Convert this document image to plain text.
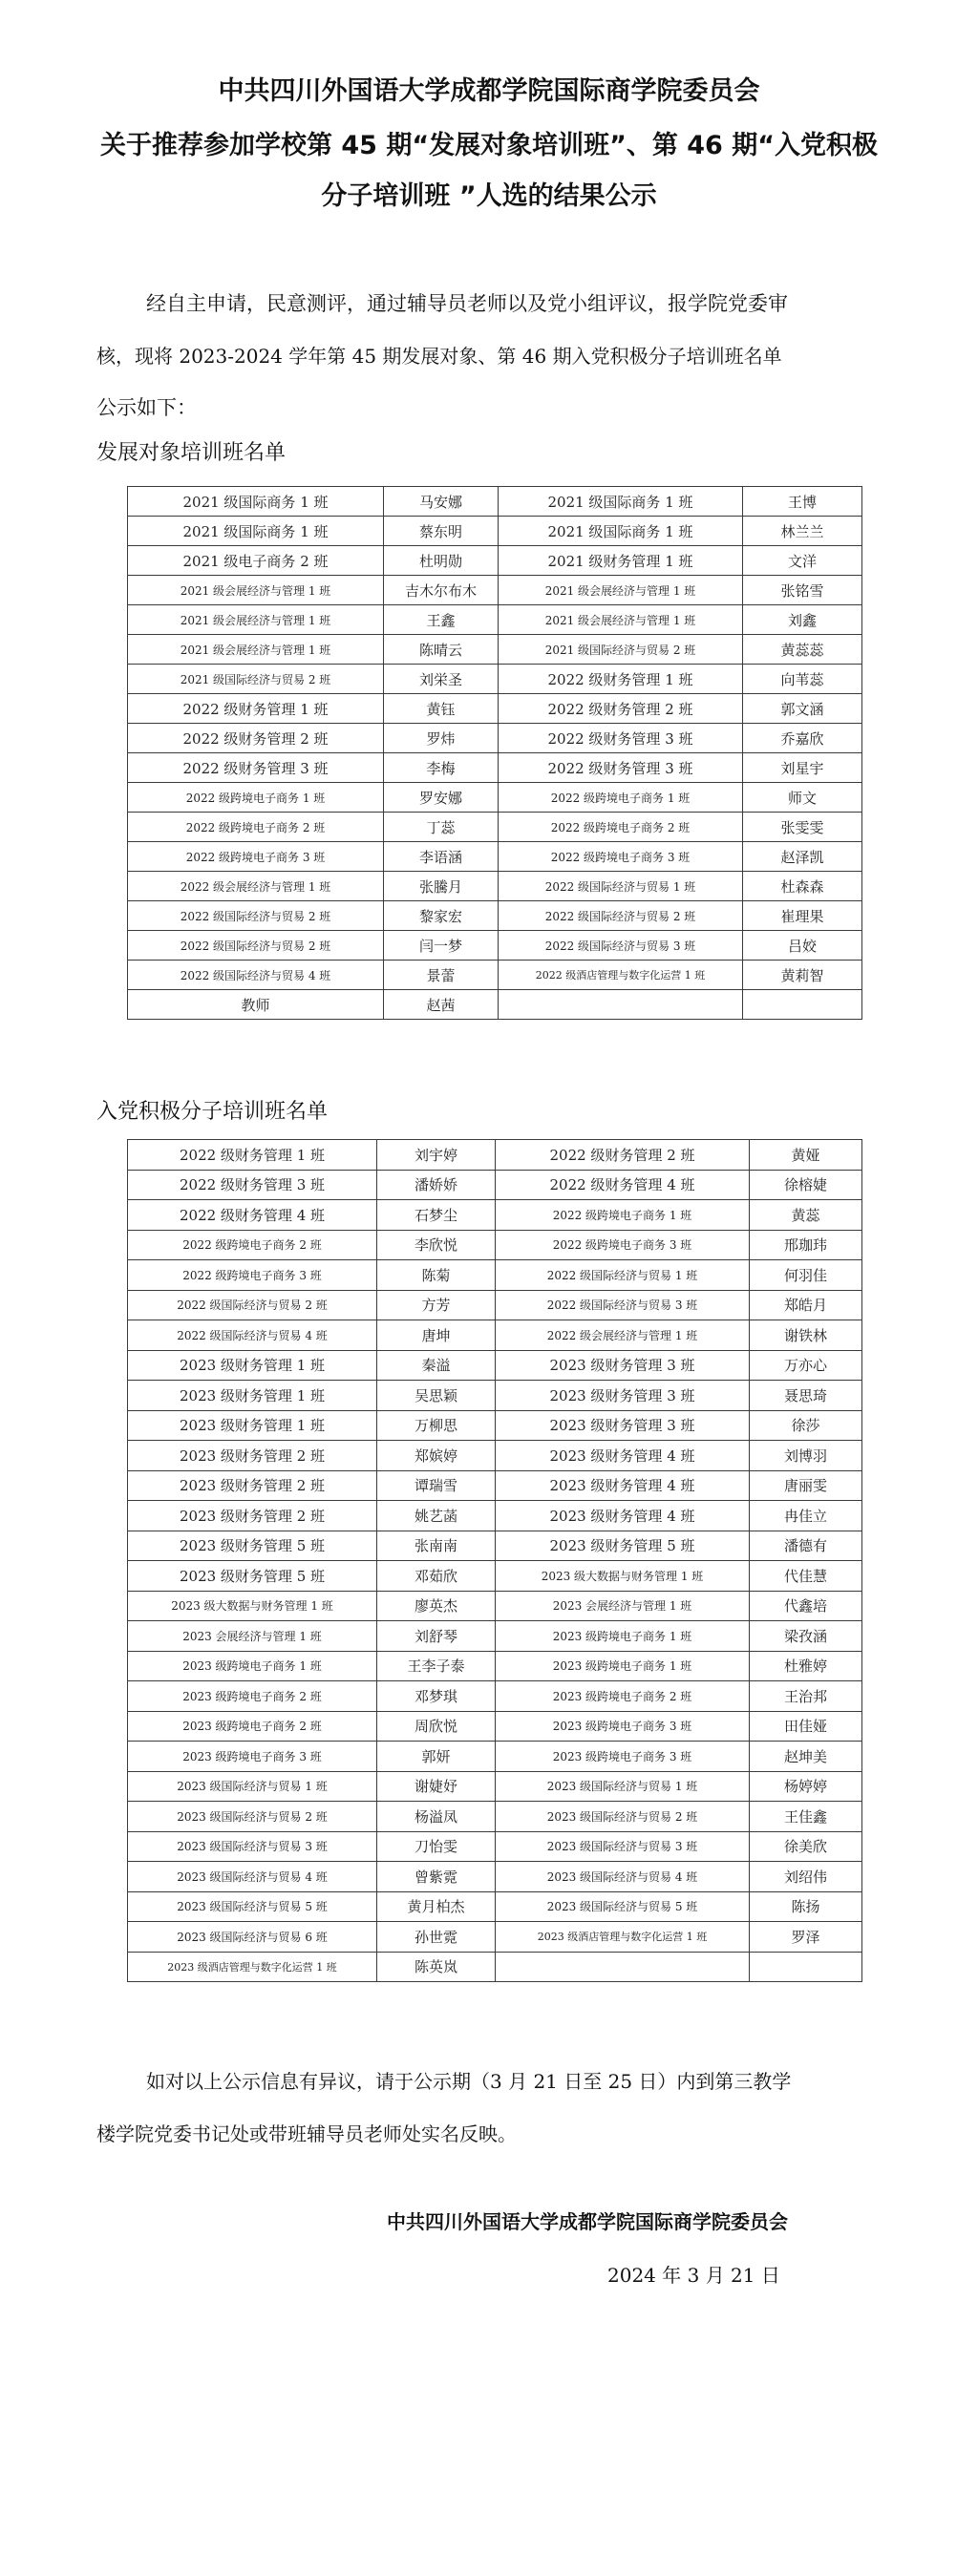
中共四川外国语大学成都学院国际商学院委员会
关于推荐参加学校第 45 期“发展对象培训班”、第 46 期“入党积极
分子培训班 ”人选的结果公示
经自主申请，民意测评，通过辅导员老师以及党小组评议，报学院党委审
核，现将 2023-2024 学年第 45 期发展对象、第 46 期入党积极分子培训班名单
公示如下：
发展对象培训班名单
2021 级国际商务 1 班	马安娜	2021 级国际商务 1 班	王博
2021 级国际商务 1 班	蔡东明	2021 级国际商务 1 班	林兰兰
2021 级电子商务 2 班	杜明勋	2021 级财务管理 1 班	文洋
2021 级会展经济与管理 1 班	吉木尔布木	2021 级会展经济与管理 1 班	张铭雪
2021 级会展经济与管理 1 班	王鑫	2021 级会展经济与管理 1 班	刘鑫
2021 级会展经济与管理 1 班	陈晴云	2021 级国际经济与贸易 2 班	黄蕊蕊
2021 级国际经济与贸易 2 班	刘栄圣	2022 级财务管理 1 班	向苇蕊
2022 级财务管理 1 班	黄钰	2022 级财务管理 2 班	郭文涵
2022 级财务管理 2 班	罗炜	2022 级财务管理 3 班	乔嘉欣
2022 级财务管理 3 班	李梅	2022 级财务管理 3 班	刘星宇
2022 级跨境电子商务 1 班	罗安娜	2022 级跨境电子商务 1 班	师文
2022 级跨境电子商务 2 班	丁蕊	2022 级跨境电子商务 2 班	张雯雯
2022 级跨境电子商务 3 班	李语涵	2022 级跨境电子商务 3 班	赵泽凯
2022 级会展经济与管理 1 班	张騰月	2022 级国际经济与贸易 1 班	杜森森
2022 级国际经济与贸易 2 班	黎家宏	2022 级国际经济与贸易 2 班	崔理果
2022 级国际经济与贸易 2 班	闫一梦	2022 级国际经济与贸易 3 班	吕姣
2022 级国际经济与贸易 4 班	景蕾	2022 级酒店管理与数字化运营 1 班	黄莉智
教师	赵茜		
入党积极分子培训班名单
2022 级财务管理 1 班	刘宇婷	2022 级财务管理 2 班	黄娅
2022 级财务管理 3 班	潘娇娇	2022 级财务管理 4 班	徐榕婕
2022 级财务管理 4 班	石梦尘	2022 级跨境电子商务 1 班	黄蕊
2022 级跨境电子商务 2 班	李欣悦	2022 级跨境电子商务 3 班	邢珈玮
2022 级跨境电子商务 3 班	陈菊	2022 级国际经济与贸易 1 班	何羽佳
2022 级国际经济与贸易 2 班	方芳	2022 级国际经济与贸易 3 班	郑皓月
2022 级国际经济与贸易 4 班	唐坤	2022 级会展经济与管理 1 班	谢铁林
2023 级财务管理 1 班	秦溢	2023 级财务管理 3 班	万亦心
2023 级财务管理 1 班	吴思颖	2023 级财务管理 3 班	聂思琦
2023 级财务管理 1 班	万柳思	2023 级财务管理 3 班	徐莎
2023 级财务管理 2 班	郑嫔婷	2023 级财务管理 4 班	刘博羽
2023 级财务管理 2 班	谭瑞雪	2023 级财务管理 4 班	唐丽雯
2023 级财务管理 2 班	姚艺菡	2023 级财务管理 4 班	冉佳立
2023 级财务管理 5 班	张南南	2023 级财务管理 5 班	潘德有
2023 级财务管理 5 班	邓茹欣	2023 级大数据与财务管理 1 班	代佳慧
2023 级大数据与财务管理 1 班	廖英杰	2023 会展经济与管理 1 班	代鑫培
2023 会展经济与管理 1 班	刘舒琴	2023 级跨境电子商务 1 班	梁孜涵
2023 级跨境电子商务 1 班	王李子泰	2023 级跨境电子商务 1 班	杜雅婷
2023 级跨境电子商务 2 班	邓梦琪	2023 级跨境电子商务 2 班	王治邦
2023 级跨境电子商务 2 班	周欣悦	2023 级跨境电子商务 3 班	田佳娅
2023 级跨境电子商务 3 班	郭妍	2023 级跨境电子商务 3 班	赵坤美
2023 级国际经济与贸易 1 班	谢婕妤	2023 级国际经济与贸易 1 班	杨婷婷
2023 级国际经济与贸易 2 班	杨溢凤	2023 级国际经济与贸易 2 班	王佳鑫
2023 级国际经济与贸易 3 班	刀怡雯	2023 级国际经济与贸易 3 班	徐美欣
2023 级国际经济与贸易 4 班	曾紫霓	2023 级国际经济与贸易 4 班	刘绍伟
2023 级国际经济与贸易 5 班	黄月柏杰	2023 级国际经济与贸易 5 班	陈扬
2023 级国际经济与贸易 6 班	孙世霓	2023 级酒店管理与数字化运营 1 班	罗泽
2023 级酒店管理与数字化运营 1 班	陈英岚		
如对以上公示信息有异议，请于公示期（3 月 21 日至 25 日）内到第三教学
楼学院党委书记处或带班辅导员老师处实名反映。
中共四川外国语大学成都学院国际商学院委员会
2024 年 3 月 21 日
